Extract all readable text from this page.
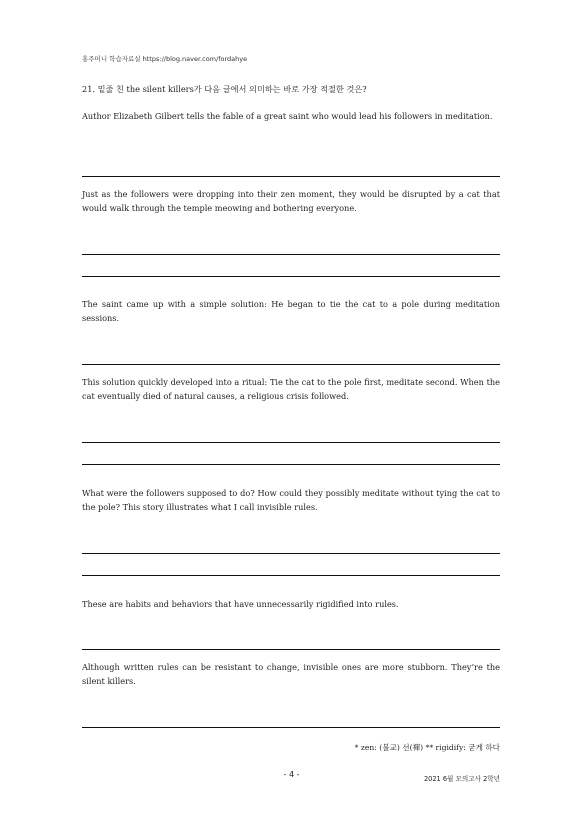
홍주머니 학습자료실 https://blog.naver.com/fordahye
21. 밑줄 친 the silent killers가 다음 글에서 의미하는 바로 가장 적절한 것은?
Author Elizabeth Gilbert tells the fable of a great saint who would lead his followers in meditation.
Just as the followers were dropping into their zen moment, they would be disrupted by a cat that would walk through the temple meowing and bothering everyone.
The saint came up with a simple solution: He began to tie the cat to a pole during meditation sessions.
This solution quickly developed into a ritual: Tie the cat to the pole first, meditate second. When the cat eventually died of natural causes, a religious crisis followed.
What were the followers supposed to do? How could they possibly meditate without tying the cat to the pole? This story illustrates what I call invisible rules.
These are habits and behaviors that have unnecessarily rigidified into rules.
Although written rules can be resistant to change, invisible ones are more stubborn. They’re the silent killers.
* zen: (불교) 선(禪) ** rigidify: 굳게 하다
- 4 -	2021 6월 모의고사 2학년
